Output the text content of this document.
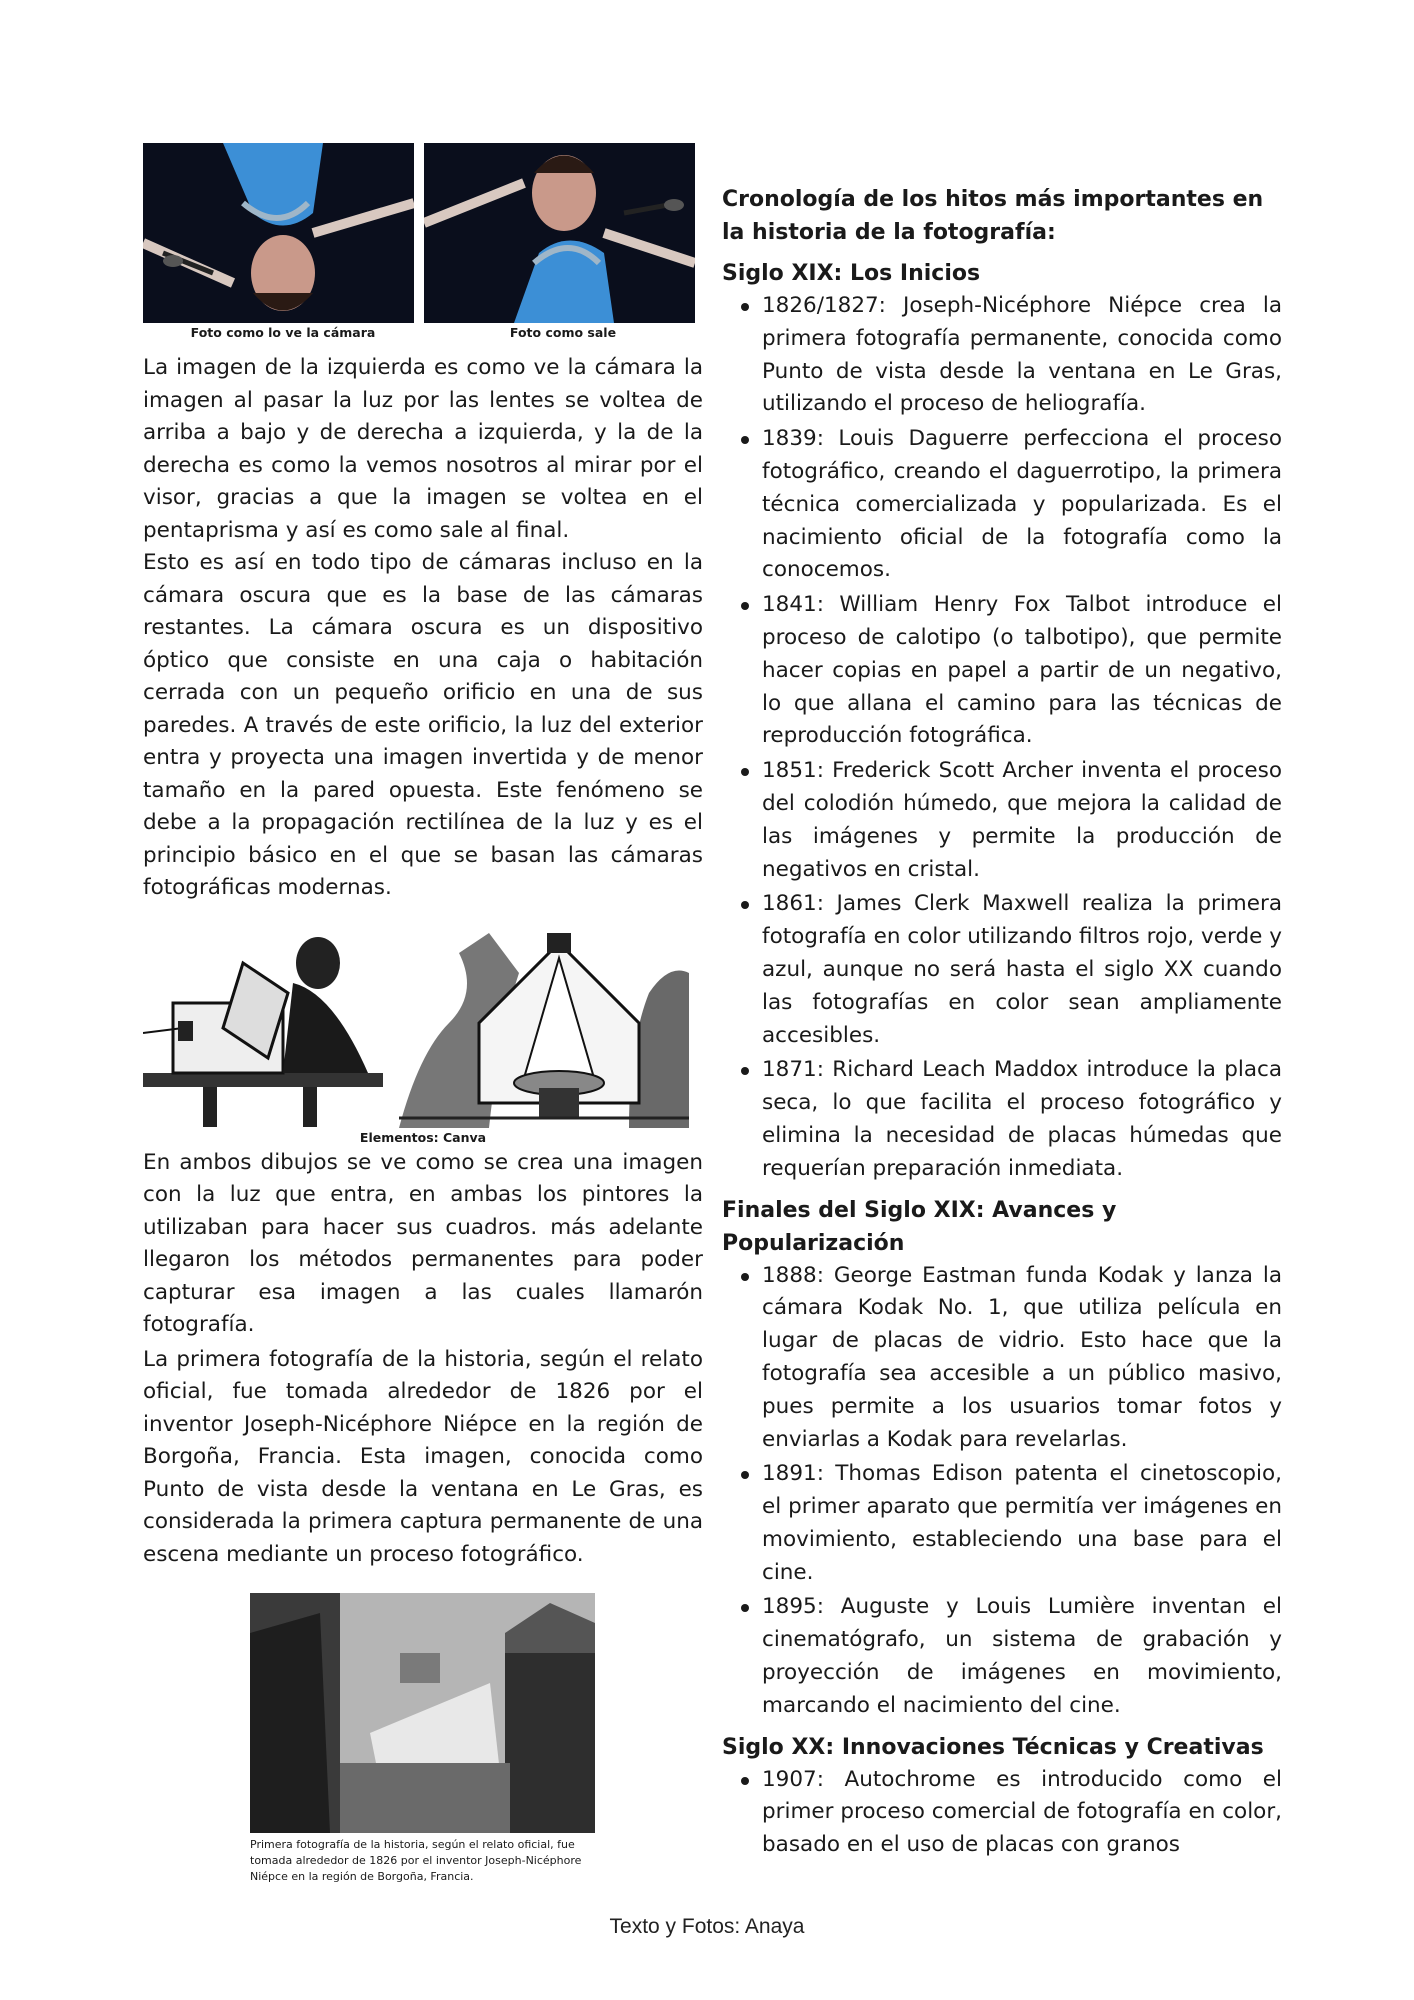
Foto como lo ve la cámara	Foto como sale

La imagen de la izquierda es como ve la cámara la imagen al pasar la luz por las lentes se voltea de arriba a bajo y de derecha a izquierda, y la de la derecha es como la vemos nosotros al mirar por el visor, gracias a que la imagen se voltea en el pentaprisma y así es como sale al final.

Esto es así en todo tipo de cámaras incluso en la cámara oscura que es la base de las cámaras restantes. La cámara oscura es un dispositivo óptico que consiste en una caja o habitación cerrada con un pequeño orificio en una de sus paredes. A través de este orificio, la luz del exterior entra y proyecta una imagen invertida y de menor tamaño en la pared opuesta. Este fenómeno se debe a la propagación rectilínea de la luz y es el principio básico en el que se basan las cámaras fotográficas modernas.

Elementos: Canva

En ambos dibujos se ve como se crea una imagen con la luz que entra, en ambas los pintores la utilizaban para hacer sus cuadros. más adelante llegaron los métodos permanentes para poder capturar esa imagen a las cuales llamarón fotografía.

La primera fotografía de la historia, según el relato oficial, fue tomada alrededor de 1826 por el inventor Joseph-Nicéphore Niépce en la región de Borgoña, Francia. Esta imagen, conocida como Punto de vista desde la ventana en Le Gras, es considerada la primera captura permanente de una escena mediante un proceso fotográfico.

Primera fotografía de la historia, según el relato oficial, fue tomada alrededor de 1826 por el inventor Joseph-Nicéphore Niépce en la región de Borgoña, Francia.

Cronología de los hitos más importantes en la historia de la fotografía:

Siglo XIX: Los Inicios

1826/1827: Joseph-Nicéphore Niépce crea la primera fotografía permanente, conocida como Punto de vista desde la ventana en Le Gras, utilizando el proceso de heliografía.
1839: Louis Daguerre perfecciona el proceso fotográfico, creando el daguerrotipo, la primera técnica comercializada y popularizada. Es el nacimiento oficial de la fotografía como la conocemos.
1841: William Henry Fox Talbot introduce el proceso de calotipo (o talbotipo), que permite hacer copias en papel a partir de un negativo, lo que allana el camino para las técnicas de reproducción fotográfica.
1851: Frederick Scott Archer inventa el proceso del colodión húmedo, que mejora la calidad de las imágenes y permite la producción de negativos en cristal.
1861: James Clerk Maxwell realiza la primera fotografía en color utilizando filtros rojo, verde y azul, aunque no será hasta el siglo XX cuando las fotografías en color sean ampliamente accesibles.
1871: Richard Leach Maddox introduce la placa seca, lo que facilita el proceso fotográfico y elimina la necesidad de placas húmedas que requerían preparación inmediata.

Finales del Siglo XIX: Avances y Popularización

1888: George Eastman funda Kodak y lanza la cámara Kodak No. 1, que utiliza película en lugar de placas de vidrio. Esto hace que la fotografía sea accesible a un público masivo, pues permite a los usuarios tomar fotos y enviarlas a Kodak para revelarlas.
1891: Thomas Edison patenta el cinetoscopio, el primer aparato que permitía ver imágenes en movimiento, estableciendo una base para el cine.
1895: Auguste y Louis Lumière inventan el cinematógrafo, un sistema de grabación y proyección de imágenes en movimiento, marcando el nacimiento del cine.

Siglo XX: Innovaciones Técnicas y Creativas

1907: Autochrome es introducido como el primer proceso comercial de fotografía en color, basado en el uso de placas con granos
Texto y Fotos: Anaya
